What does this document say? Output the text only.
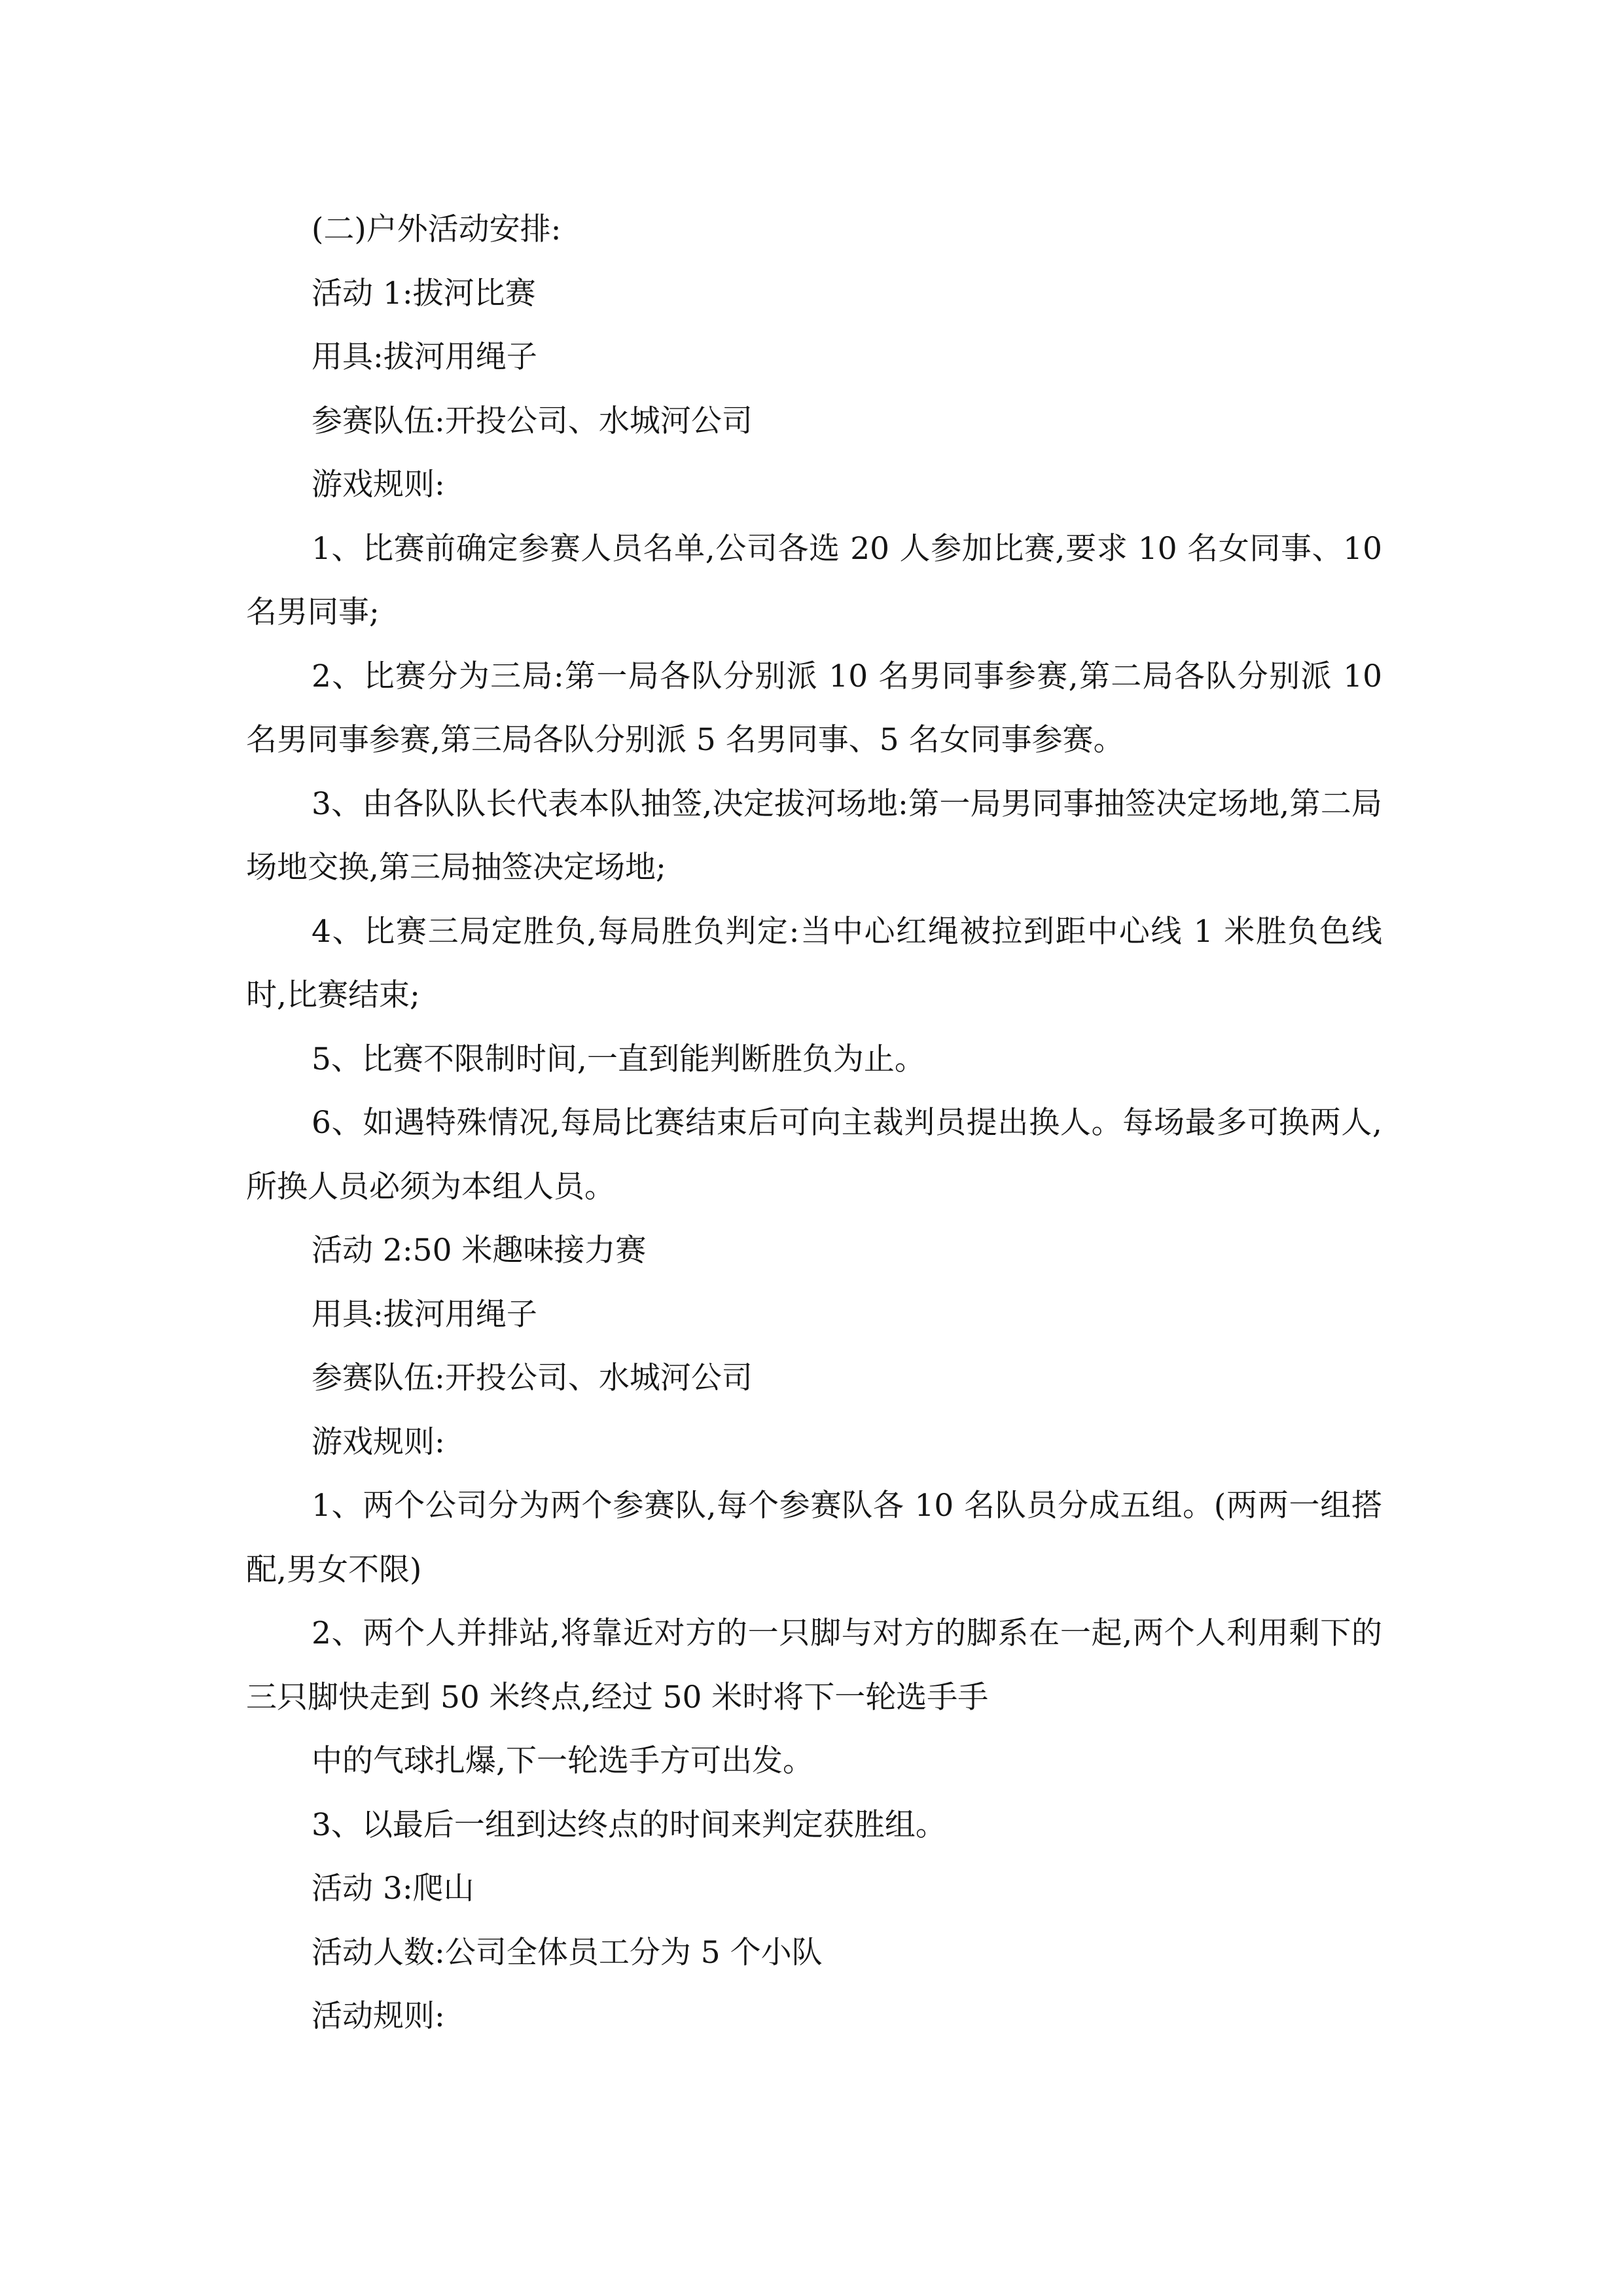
(二)户外活动安排:

活动 1:拔河比赛

用具:拔河用绳子

参赛队伍:开投公司、水城河公司

游戏规则:

1、比赛前确定参赛人员名单,公司各选 20 人参加比赛,要求 10 名女同事、10 名男同事;

2、比赛分为三局:第一局各队分别派 10 名男同事参赛,第二局各队分别派 10 名男同事参赛,第三局各队分别派 5 名男同事、5 名女同事参赛。

3、由各队队长代表本队抽签,决定拔河场地:第一局男同事抽签决定场地,第二局场地交换,第三局抽签决定场地;

4、比赛三局定胜负,每局胜负判定:当中心红绳被拉到距中心线 1 米胜负色线时,比赛结束;

5、比赛不限制时间,一直到能判断胜负为止。

6、如遇特殊情况,每局比赛结束后可向主裁判员提出换人。每场最多可换两人,所换人员必须为本组人员。

活动 2:50 米趣味接力赛

用具:拔河用绳子

参赛队伍:开投公司、水城河公司

游戏规则:

1、两个公司分为两个参赛队,每个参赛队各 10 名队员分成五组。(两两一组搭配,男女不限)

2、两个人并排站,将靠近对方的一只脚与对方的脚系在一起,两个人利用剩下的三只脚快走到 50 米终点,经过 50 米时将下一轮选手手

中的气球扎爆,下一轮选手方可出发。

3、以最后一组到达终点的时间来判定获胜组。

活动 3:爬山

活动人数:公司全体员工分为 5 个小队

活动规则:
